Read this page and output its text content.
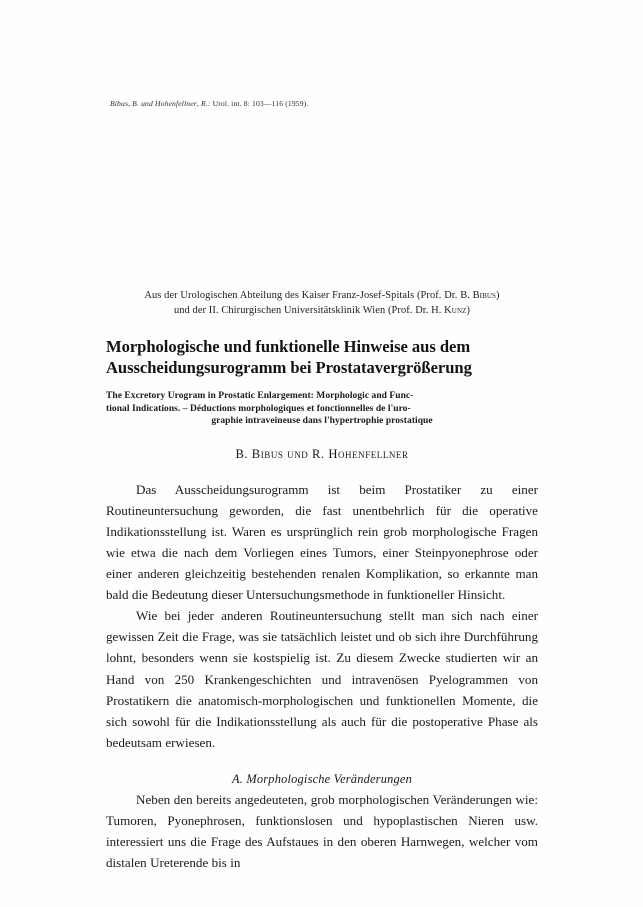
Bibus, B. und Hohenfellner, R.: Urol. int. 8: 103—116 (1959).
Aus der Urologischen Abteilung des Kaiser Franz-Josef-Spitals (Prof. Dr. B. Bibus)
und der II. Chirurgischen Universitätsklinik Wien (Prof. Dr. H. Kunz)
Morphologische und funktionelle Hinweise aus dem
Ausscheidungsurogramm bei Prostatavergrößerung
The Excretory Urogram in Prostatic Enlargement: Morphologic and Func-
tional Indications. – Déductions morphologiques et fonctionnelles de l'uro-
graphie intraveineuse dans l'hypertrophie prostatique
B. Bibus und R. Hohenfellner

Das Ausscheidungsurogramm ist beim Prostatiker zu einer Routineuntersuchung geworden, die fast unentbehrlich für die operative Indikationsstellung ist. Waren es ursprünglich rein grob morphologische Fragen wie etwa die nach dem Vorliegen eines Tumors, einer Steinpyonephrose oder einer anderen gleichzeitig bestehenden renalen Komplikation, so erkannte man bald die Bedeutung dieser Untersuchungsmethode in funktioneller Hinsicht.

Wie bei jeder anderen Routineuntersuchung stellt man sich nach einer gewissen Zeit die Frage, was sie tatsächlich leistet und ob sich ihre Durchführung lohnt, besonders wenn sie kostspielig ist. Zu diesem Zwecke studierten wir an Hand von 250 Krankengeschichten und intravenösen Pyelogrammen von Prostatikern die anatomisch-morphologischen und funktionellen Momente, die sich sowohl für die Indikationsstellung als auch für die postoperative Phase als bedeutsam erwiesen.

A. Morphologische Veränderungen

Neben den bereits angedeuteten, grob morphologischen Veränderungen wie: Tumoren, Pyonephrosen, funktionslosen und hypoplastischen Nieren usw. interessiert uns die Frage des Aufstaues in den oberen Harnwegen, welcher vom distalen Ureterende bis in
